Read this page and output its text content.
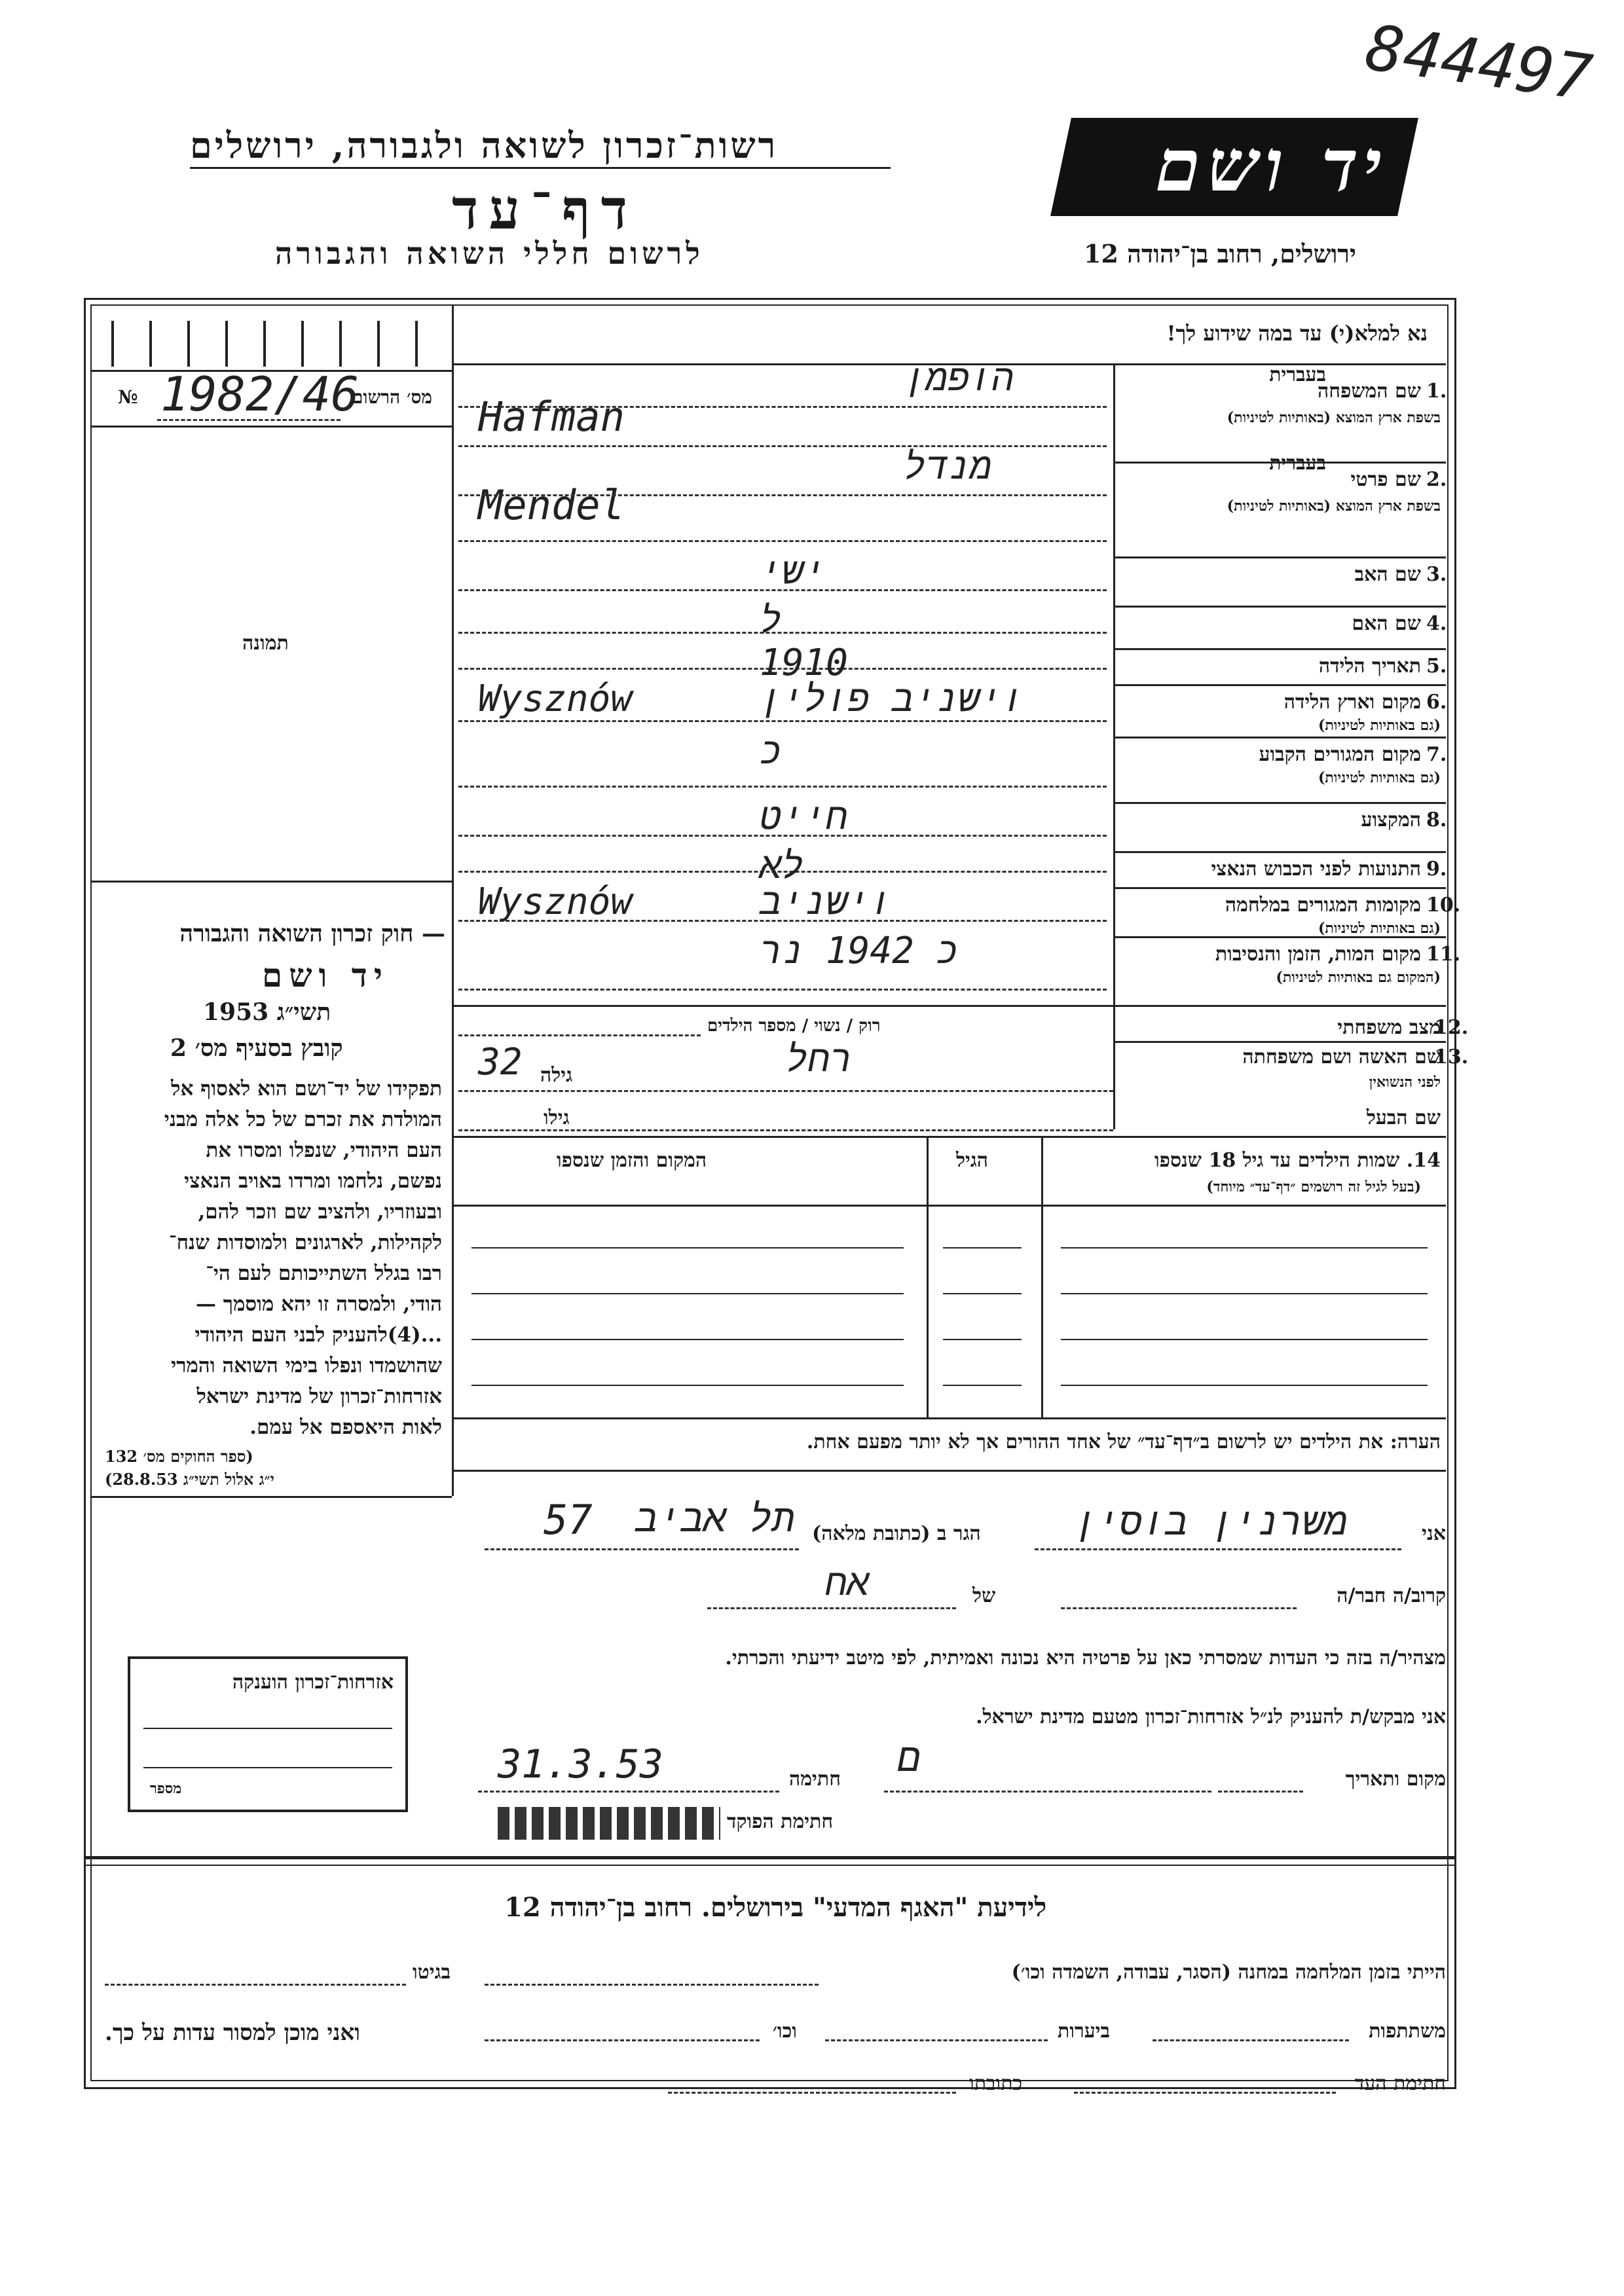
844497
רשות־זכרון לשואה ולגבורה, ירושלים
דף־עד
לרשום חללי השואה והגבורה
יד ושם
ירושלים, רחוב בן־יהודה 12
מס׳ הרשום
№ 1982/46
תמונה
— חוק זכרון השואה והגבורה
יד ושם
תשי״ג 1953
קובץ בסעיף מס׳ 2
תפקידו של יד־ושם הוא לאסוף אל
המולדת את זכרם של כל אלה מבני
העם היהודי, שנפלו ומסרו את
נפשם, נלחמו ומרדו באויב הנאצי
ובעוזריו, ולהציב שם וזכר להם,
לקהילות, לארגונים ולמוסדות שנח־
רבו בגלל השתייכותם לעם הי־
הודי, ולמסרה זו יהא מוסמך —
...(4)להעניק לבני העם היהודי
שהושמדו ונפלו בימי השואה והמרי
אזרחות־זכרון של מדינת ישראל
לאות היאספם אל עמם.
(ספר החוקים מס׳ 132
י״ג אלול תשי״ג 28.8.53)
נא למלא(י) עד במה שידוע לך!
1.
שם המשפחה
בעברית
בשפת ארץ המוצא (באותיות לטיניות)
הופמן
Hafman
2.
שם פרטי
בעברית
בשפת ארץ המוצא (באותיות לטיניות)
מנדל
Mendel
3.
שם האב
ישי
4.
שם האם
ל
5.
תאריך הלידה
1910
6.
מקום וארץ הלידה
(גם באותיות לטיניות)
וישניב פולין
Wysznów
7.
מקום המגורים הקבוע
(גם באותיות לטיניות)
כ
8.
המקצוע
חייט
9.
התנועות לפני הכבוש הנאצי
לא
10.
מקומות המגורים במלחמה
(גם באותיות לטיניות)
וישניב
Wysznów
11.
מקום המות, הזמן והנסיבות
(המקום גם באותיות לטיניות)
כ 1942 נר
מצב משפחתי
12.
רוק / נשוי / מספר הילדים
שם האשה ושם משפחתה
13.
לפני הנשואין
רחל
גילה
32
שם הבעל
גילו
14. שמות הילדים עד גיל 18 שנספו
(בעל לגיל זה רושמים ״דף־עד״ מיוחד)
הגיל
המקום והזמן שנספו
הערה: את הילדים יש לרשום ב״דף־עד״ של אחד ההורים אך לא יותר מפעם אחת.
אני
משרנין בוסין
הגר ב (כתובת מלאה)
תל אביב
57
קרוב/ה חבר/ה
אח	של
מצהיר/ה בזה כי העדות שמסרתי כאן על פרטיה היא נכונה ואמיתית, לפי מיטב ידיעתי והכרתי.
אני מבקש/ת להעניק לנ״ל אזרחות־זכרון מטעם מדינת ישראל.
מקום ותאריך
ﬦ
חתימה
31.3.53
חתימת הפוקד
אזרחות־זכרון הוענקה
מספר
לידיעת "האגף המדעי" בירושלים. רחוב בן־יהודה 12
הייתי בזמן המלחמה במחנה (הסגר, עבודה, השמדה וכו׳)
בגיטו
משתתפות
ביערות
וכו׳
ואני מוכן למסור עדות על כך.
חתימת העד
כתובתו
